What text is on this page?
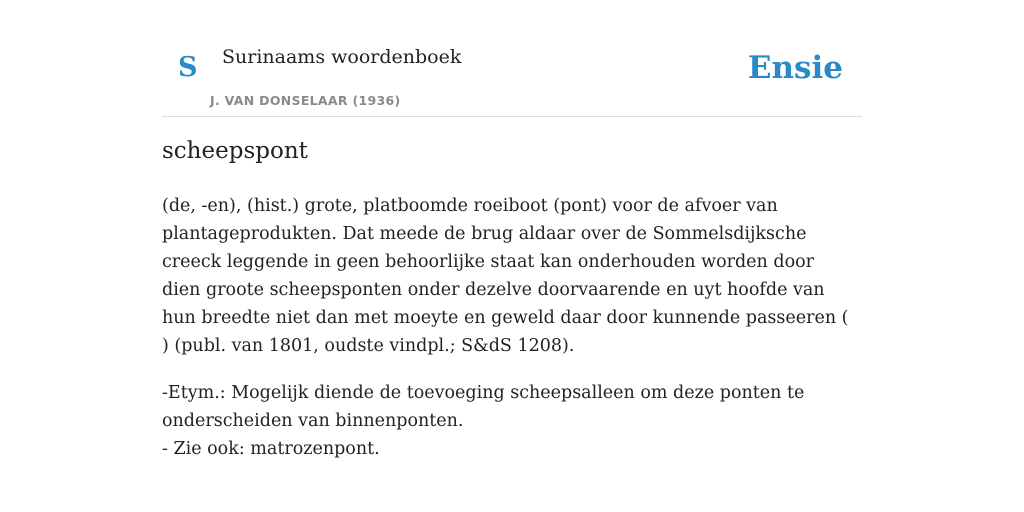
S Surinaams woordenboek
J. VAN DONSELAAR (1936)
Ensie
scheepspont

(de, -en), (hist.) grote, platboomde roeiboot (pont) voor de afvoer van plantageprodukten. Dat meede de brug aldaar over de Sommelsdijksche creeck leggende in geen behoorlijke staat kan onderhouden worden door dien groote scheepsponten onder dezelve doorvaarende en uyt hoofde van hun breedte niet dan met moeyte en geweld daar door kunnende passeeren ( ) (publ. van 1801, oudste vindpl.; S&dS 1208).

-Etym.: Mogelijk diende de toevoeging scheepsalleen om deze ponten te onderscheiden van binnenponten.
- Zie ook: matrozenpont.
